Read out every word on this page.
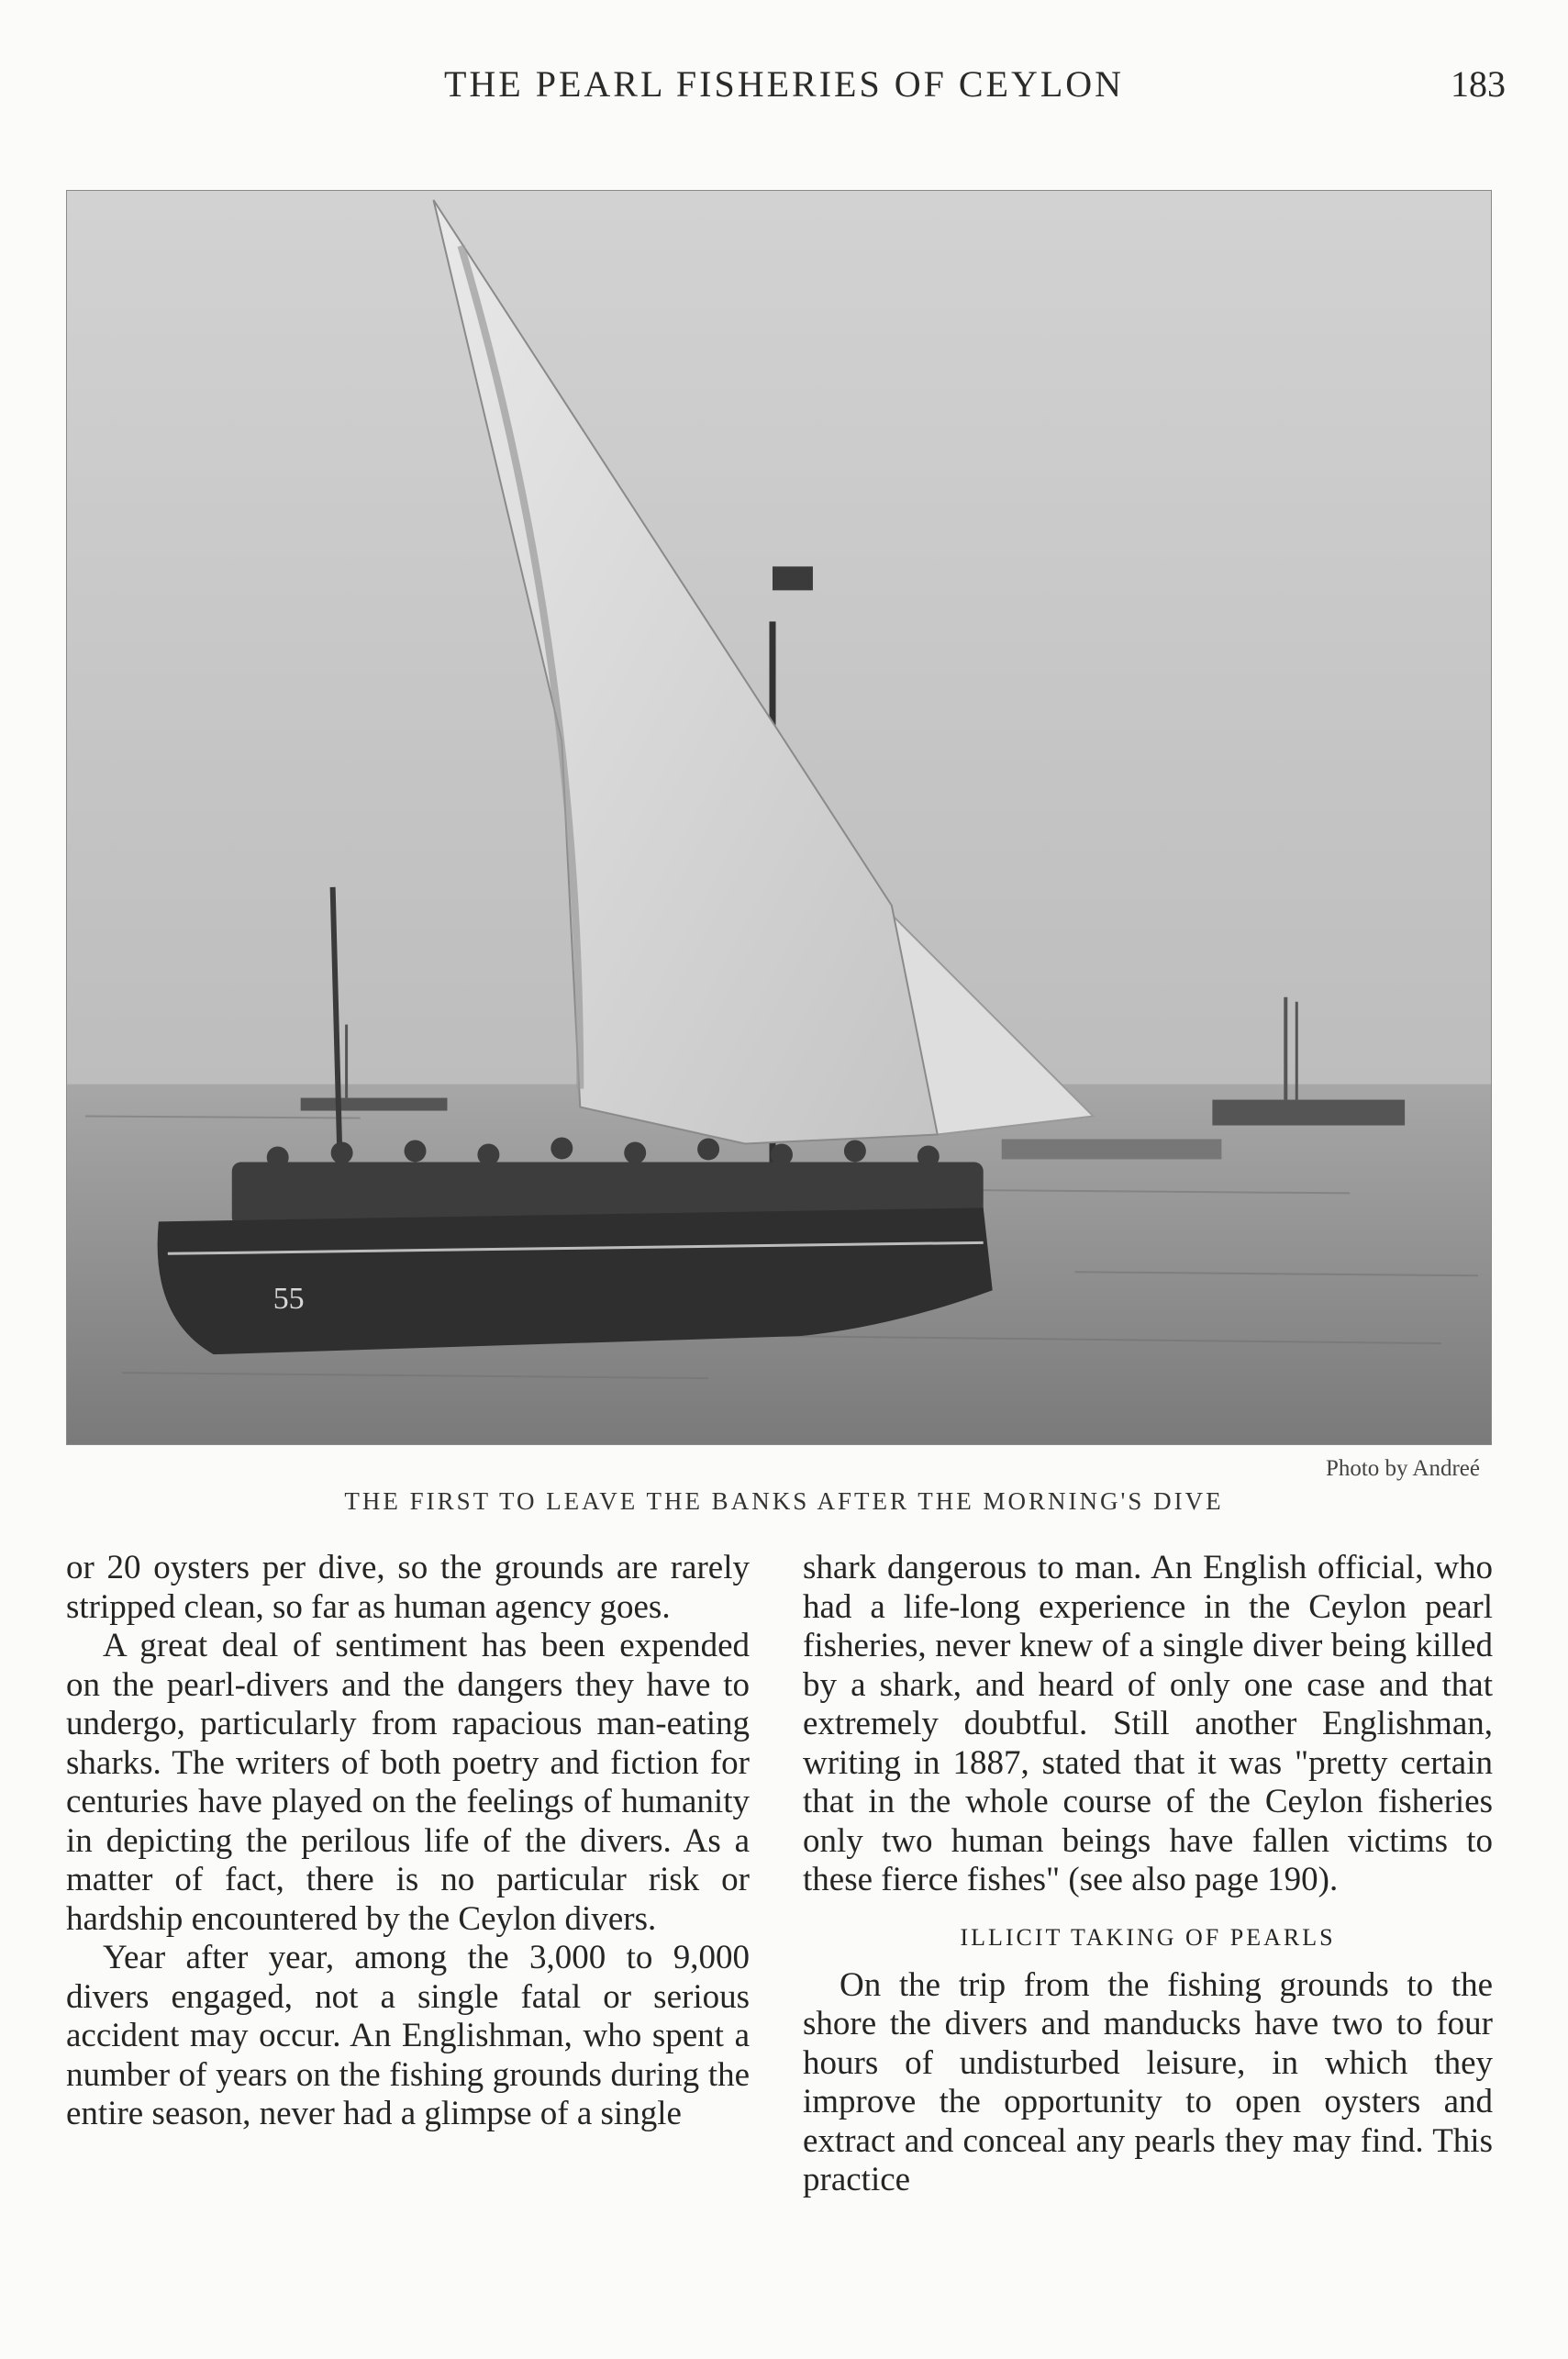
THE PEARL FISHERIES OF CEYLON	183
55
Photo by Andreé
THE FIRST TO LEAVE THE BANKS AFTER THE MORNING'S DIVE

or 20 oysters per dive, so the grounds are rarely stripped clean, so far as human agency goes.

A great deal of sentiment has been expended on the pearl-divers and the dangers they have to undergo, particularly from rapacious man-eating sharks. The writers of both poetry and fiction for centuries have played on the feelings of humanity in depicting the perilous life of the divers. As a matter of fact, there is no particular risk or hardship encountered by the Ceylon divers.

Year after year, among the 3,000 to 9,000 divers engaged, not a single fatal or serious accident may occur. An Englishman, who spent a number of years on the fishing grounds during the entire season, never had a glimpse of a single

shark dangerous to man. An English official, who had a life-long experience in the Ceylon pearl fisheries, never knew of a single diver being killed by a shark, and heard of only one case and that extremely doubtful. Still another Englishman, writing in 1887, stated that it was "pretty certain that in the whole course of the Ceylon fisheries only two human beings have fallen victims to these fierce fishes" (see also page 190).

ILLICIT TAKING OF PEARLS

On the trip from the fishing grounds to the shore the divers and manducks have two to four hours of undisturbed leisure, in which they improve the opportunity to open oysters and extract and conceal any pearls they may find. This practice
